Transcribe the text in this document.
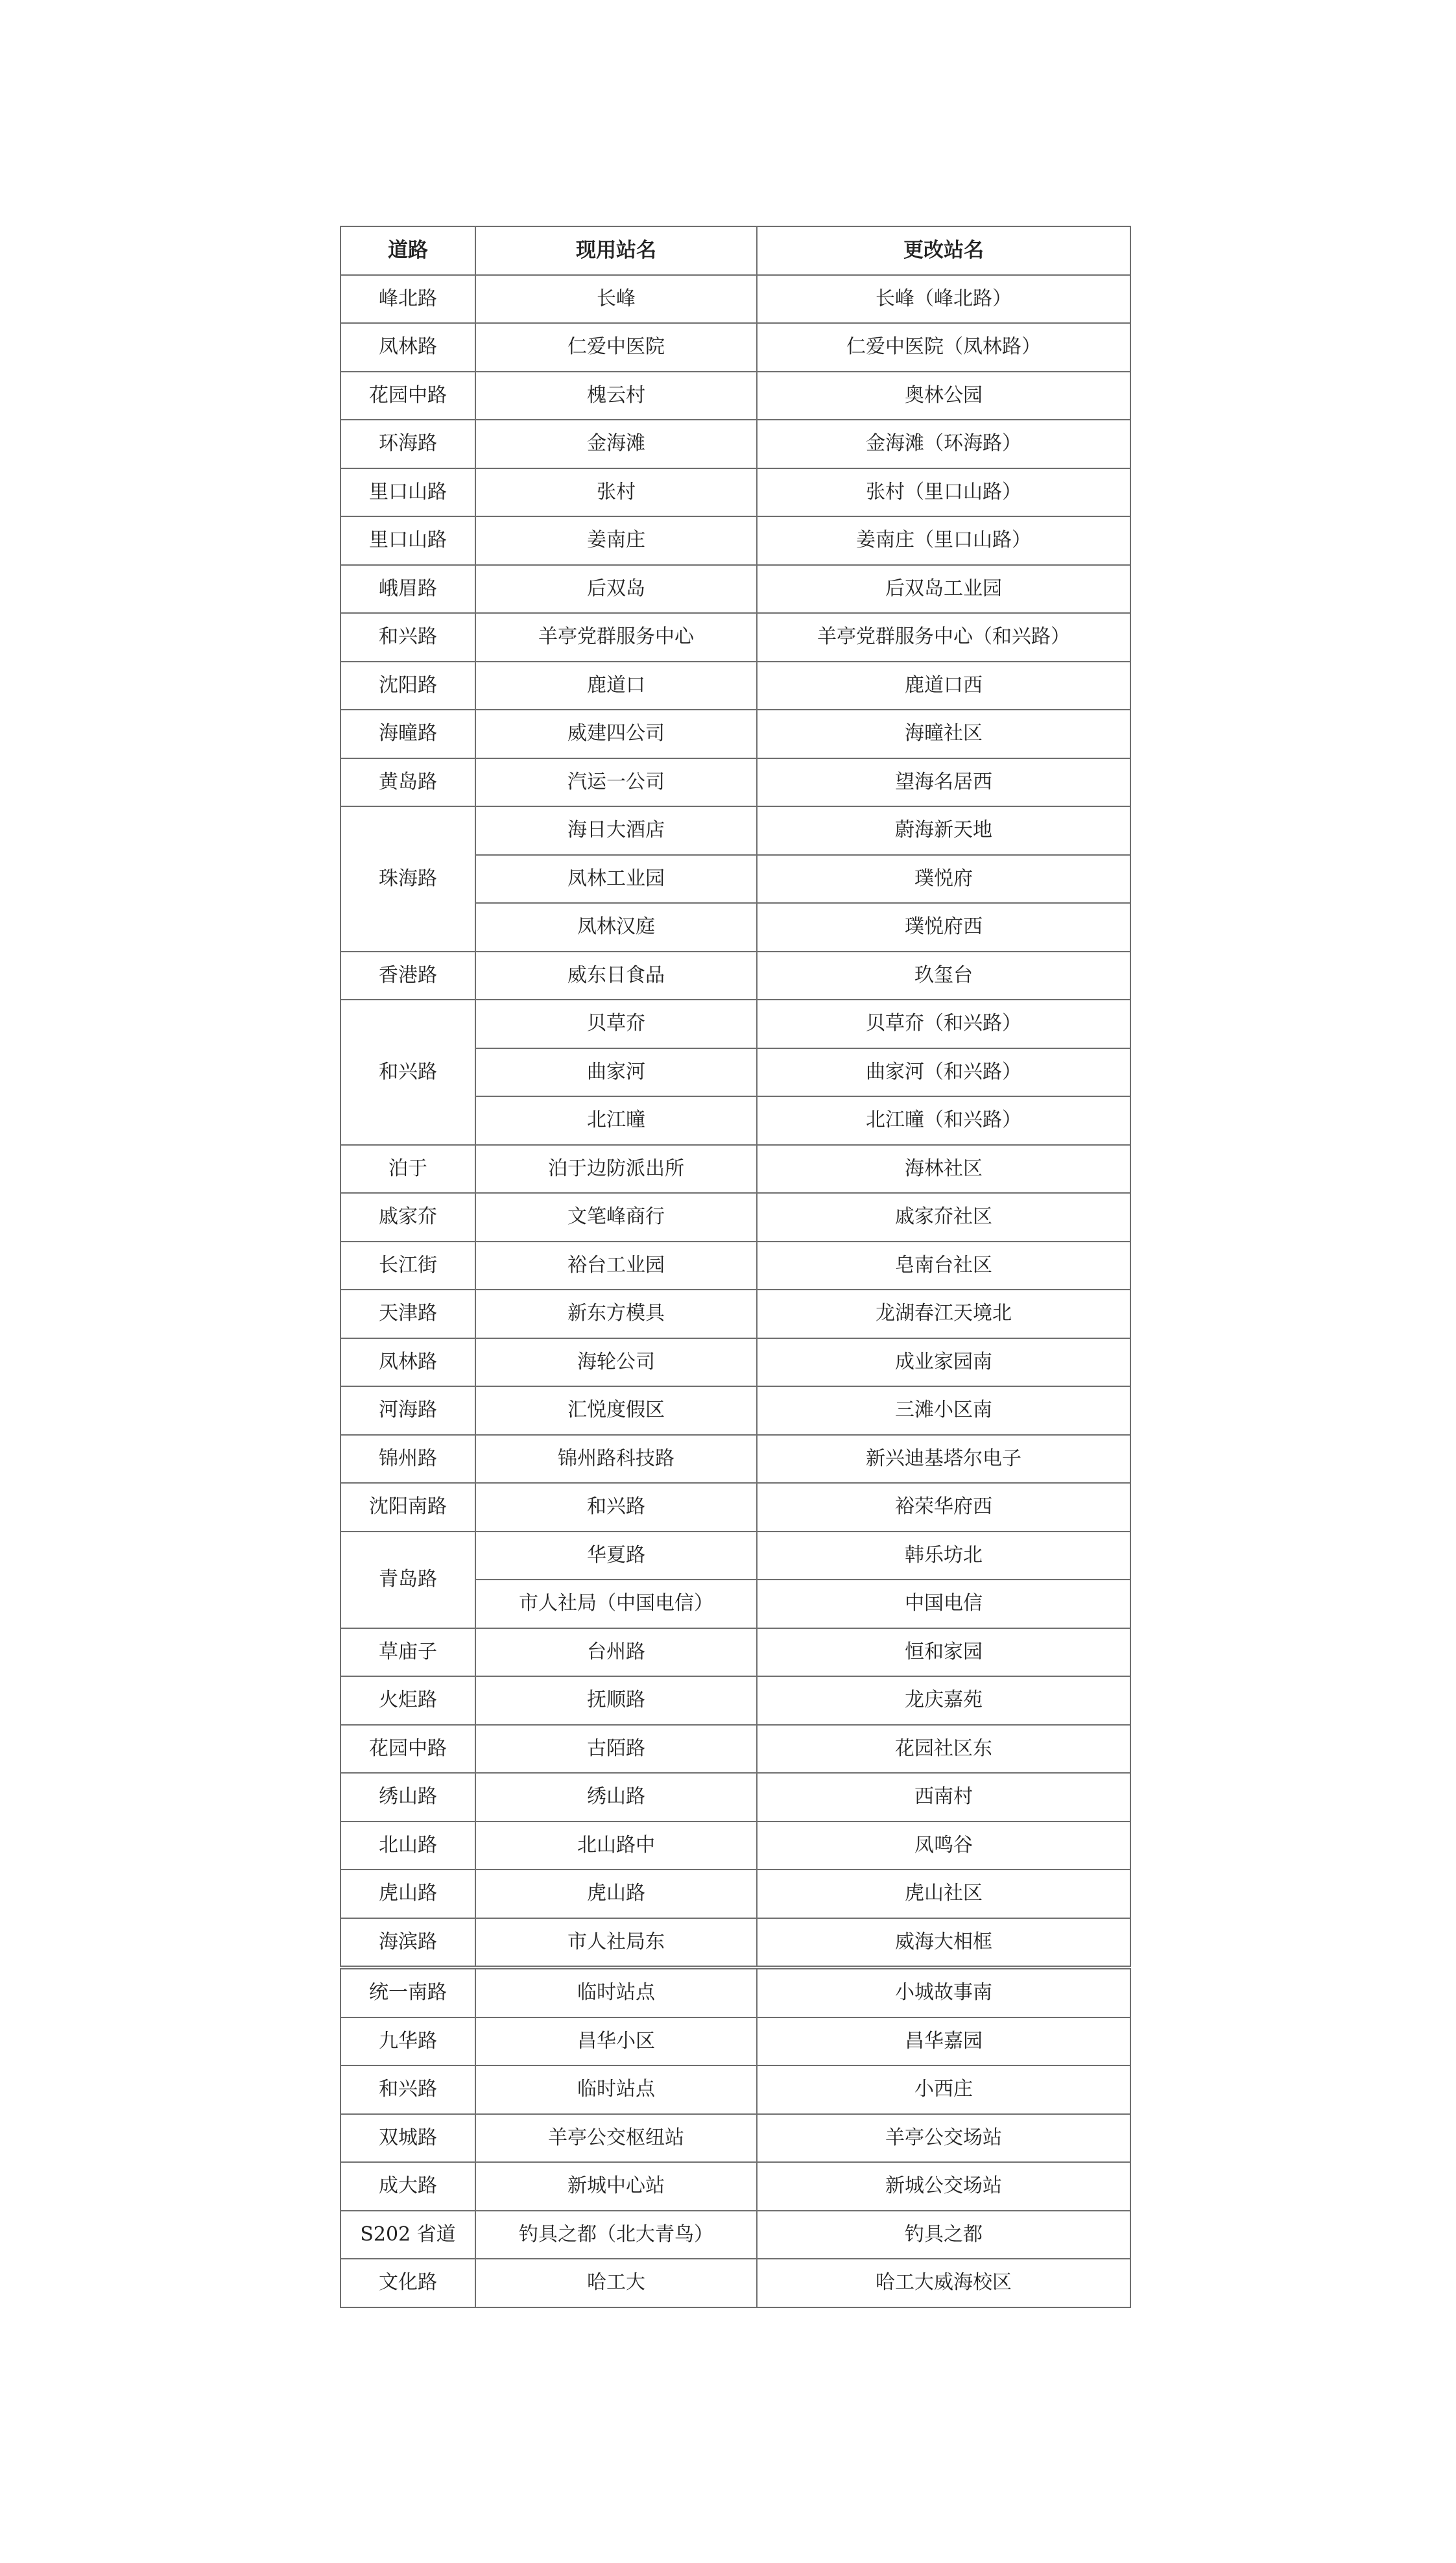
道路	现用站名	更改站名
峰北路	长峰	长峰（峰北路）
凤林路	仁爱中医院	仁爱中医院（凤林路）
花园中路	槐云村	奥林公园
环海路	金海滩	金海滩（环海路）
里口山路	张村	张村（里口山路）
里口山路	姜南庄	姜南庄（里口山路）
峨眉路	后双岛	后双岛工业园
和兴路	羊亭党群服务中心	羊亭党群服务中心（和兴路）
沈阳路	鹿道口	鹿道口西
海曈路	威建四公司	海曈社区
黄岛路	汽运一公司	望海名居西
珠海路	海日大酒店	蔚海新天地
	凤林工业园	璞悦府
	凤林汉庭	璞悦府西
香港路	威东日食品	玖玺台
和兴路	贝草夼	贝草夼（和兴路）
	曲家河	曲家河（和兴路）
	北江曈	北江曈（和兴路）
泊于	泊于边防派出所	海林社区
戚家夼	文笔峰商行	戚家夼社区
长江街	裕台工业园	皂南台社区
天津路	新东方模具	龙湖春江天境北
凤林路	海轮公司	成业家园南
河海路	汇悦度假区	三滩小区南
锦州路	锦州路科技路	新兴迪基塔尔电子
沈阳南路	和兴路	裕荣华府西
青岛路	华夏路	韩乐坊北
	市人社局（中国电信）	中国电信
草庙子	台州路	恒和家园
火炬路	抚顺路	龙庆嘉苑
花园中路	古陌路	花园社区东
绣山路	绣山路	西南村
北山路	北山路中	凤鸣谷
虎山路	虎山路	虎山社区
海滨路	市人社局东	威海大相框
统一南路	临时站点	小城故事南
九华路	昌华小区	昌华嘉园
和兴路	临时站点	小西庄
双城路	羊亭公交枢纽站	羊亭公交场站
成大路	新城中心站	新城公交场站
S202 省道	钓具之都（北大青鸟）	钓具之都
文化路	哈工大	哈工大威海校区
